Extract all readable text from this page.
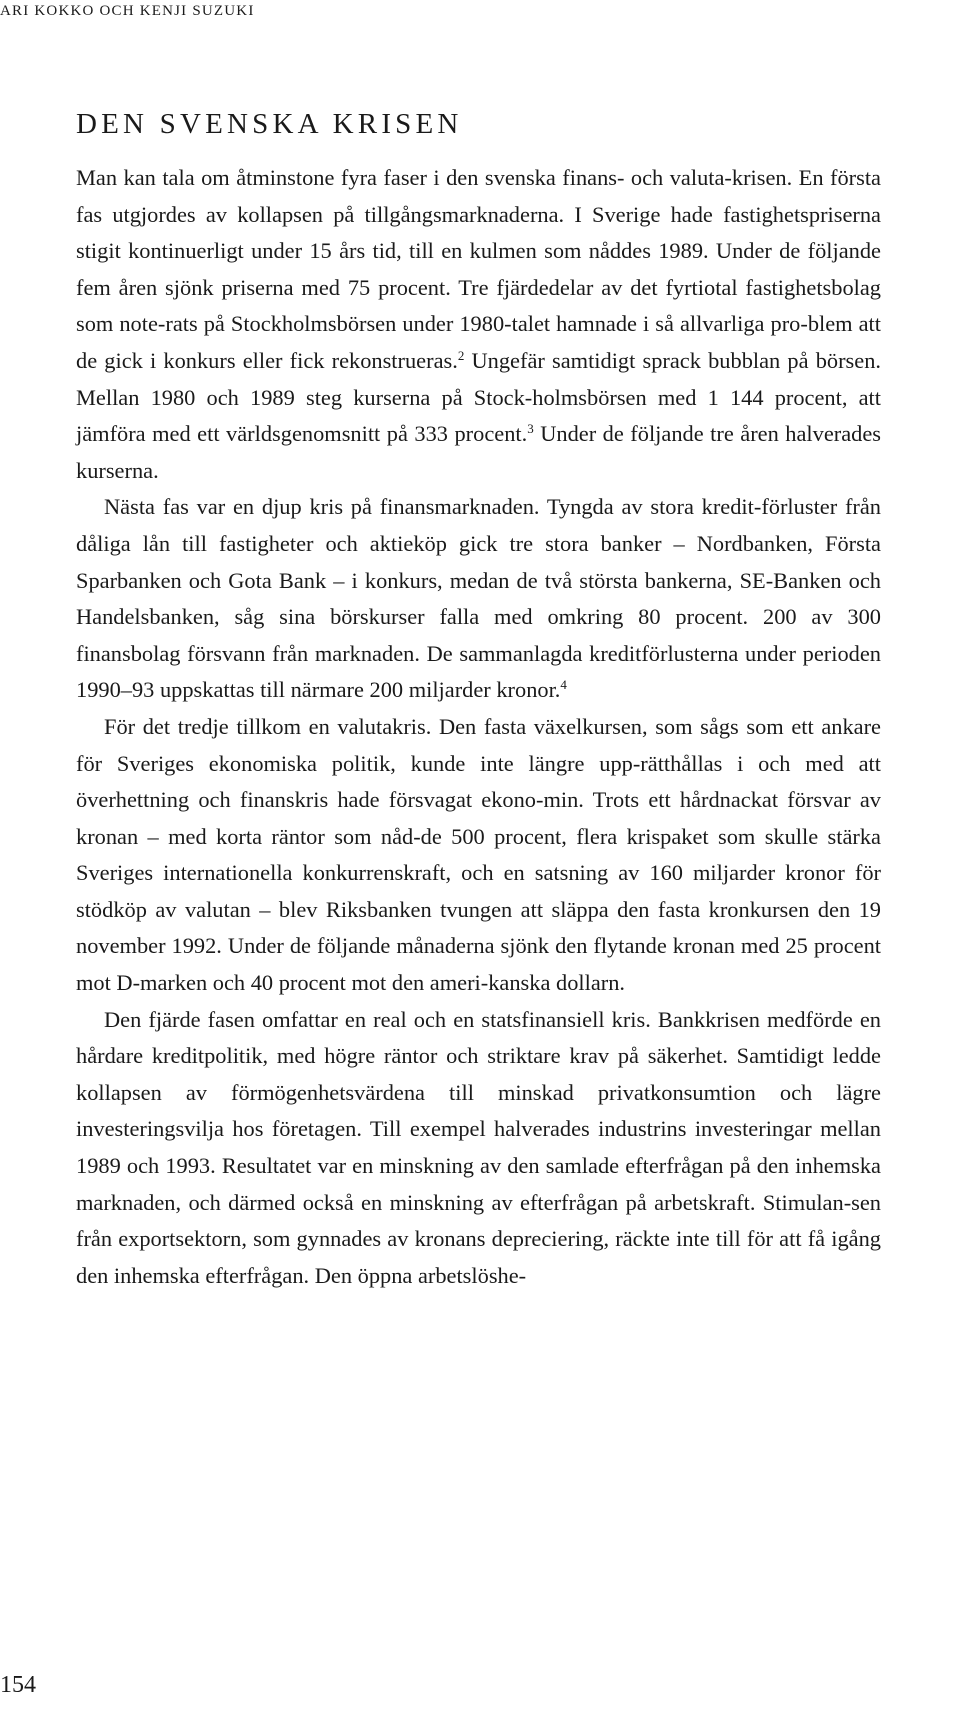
ARI KOKKO OCH KENJI SUZUKI
DEN SVENSKA KRISEN

Man kan tala om åtminstone fyra faser i den svenska finans- och valuta-krisen. En första fas utgjordes av kollapsen på tillgångsmarknaderna. I Sverige hade fastighetspriserna stigit kontinuerligt under 15 års tid, till en kulmen som nåddes 1989. Under de följande fem åren sjönk priserna med 75 procent. Tre fjärdedelar av det fyrtiotal fastighetsbolag som note-rats på Stockholmsbörsen under 1980-talet hamnade i så allvarliga pro-blem att de gick i konkurs eller fick rekonstrueras.$^2$ Ungefär samtidigt sprack bubblan på börsen. Mellan 1980 och 1989 steg kurserna på Stock-holmsbörsen med 1 144 procent, att jämföra med ett världsgenomsnitt på 333 procent.$^3$ Under de följande tre åren halverades kurserna.

Nästa fas var en djup kris på finansmarknaden. Tyngda av stora kredit-förluster från dåliga lån till fastigheter och aktieköp gick tre stora banker – Nordbanken, Första Sparbanken och Gota Bank – i konkurs, medan de två största bankerna, SE-Banken och Handelsbanken, såg sina börskurser falla med omkring 80 procent. 200 av 300 finansbolag försvann från marknaden. De sammanlagda kreditförlusterna under perioden 1990–93 uppskattas till närmare 200 miljarder kronor.$^4$

För det tredje tillkom en valutakris. Den fasta växelkursen, som sågs som ett ankare för Sveriges ekonomiska politik, kunde inte längre upp-rätthållas i och med att överhettning och finanskris hade försvagat ekono-min. Trots ett hårdnackat försvar av kronan – med korta räntor som nåd-de 500 procent, flera krispaket som skulle stärka Sveriges internationella konkurrenskraft, och en satsning av 160 miljarder kronor för stödköp av valutan – blev Riksbanken tvungen att släppa den fasta kronkursen den 19 november 1992. Under de följande månaderna sjönk den flytande kronan med 25 procent mot D-marken och 40 procent mot den ameri-kanska dollarn.

Den fjärde fasen omfattar en real och en statsfinansiell kris. Bankkrisen medförde en hårdare kreditpolitik, med högre räntor och striktare krav på säkerhet. Samtidigt ledde kollapsen av förmögenhetsvärdena till minskad privatkonsumtion och lägre investeringsvilja hos företagen. Till exempel halverades industrins investeringar mellan 1989 och 1993. Resultatet var en minskning av den samlade efterfrågan på den inhemska marknaden, och därmed också en minskning av efterfrågan på arbetskraft. Stimulan-sen från exportsektorn, som gynnades av kronans depreciering, räckte inte till för att få igång den inhemska efterfrågan. Den öppna arbetslöshe-

154
